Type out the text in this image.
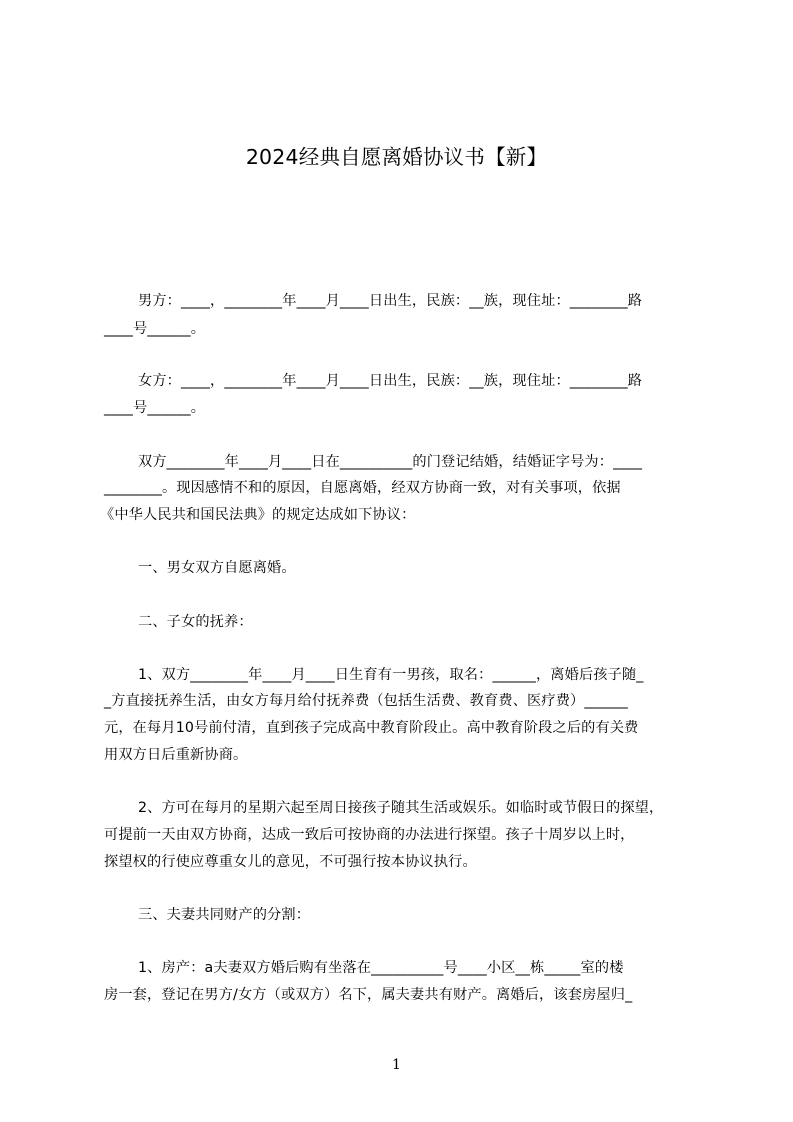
2024经典自愿离婚协议书【新】
男方：____，________年____月____日出生，民族：__族，现住址：________路
____号______。
女方：____，________年____月____日出生，民族：__族，现住址：________路
____号______。
双方________年____月____日在__________的门登记结婚，结婚证字号为：____
________。现因感情不和的原因，自愿离婚，经双方协商一致，对有关事项，依据
《中华人民共和国民法典》的规定达成如下协议：
一、男女双方自愿离婚。
二、子女的抚养：
1、双方________年____月____日生育有一男孩，取名：______，离婚后孩子随_
_方直接抚养生活，由女方每月给付抚养费（包括生活费、教育费、医疗费）______
元，在每月10号前付清，直到孩子完成高中教育阶段止。高中教育阶段之后的有关费
用双方日后重新协商。
2、方可在每月的星期六起至周日接孩子随其生活或娱乐。如临时或节假日的探望，
可提前一天由双方协商，达成一致后可按协商的办法进行探望。孩子十周岁以上时，
探望权的行使应尊重女儿的意见，不可强行按本协议执行。
三、夫妻共同财产的分割：
1、房产：a夫妻双方婚后购有坐落在__________号____小区__栋_____室的楼
房一套，登记在男方/女方（或双方）名下，属夫妻共有财产。离婚后，该套房屋归_
1
